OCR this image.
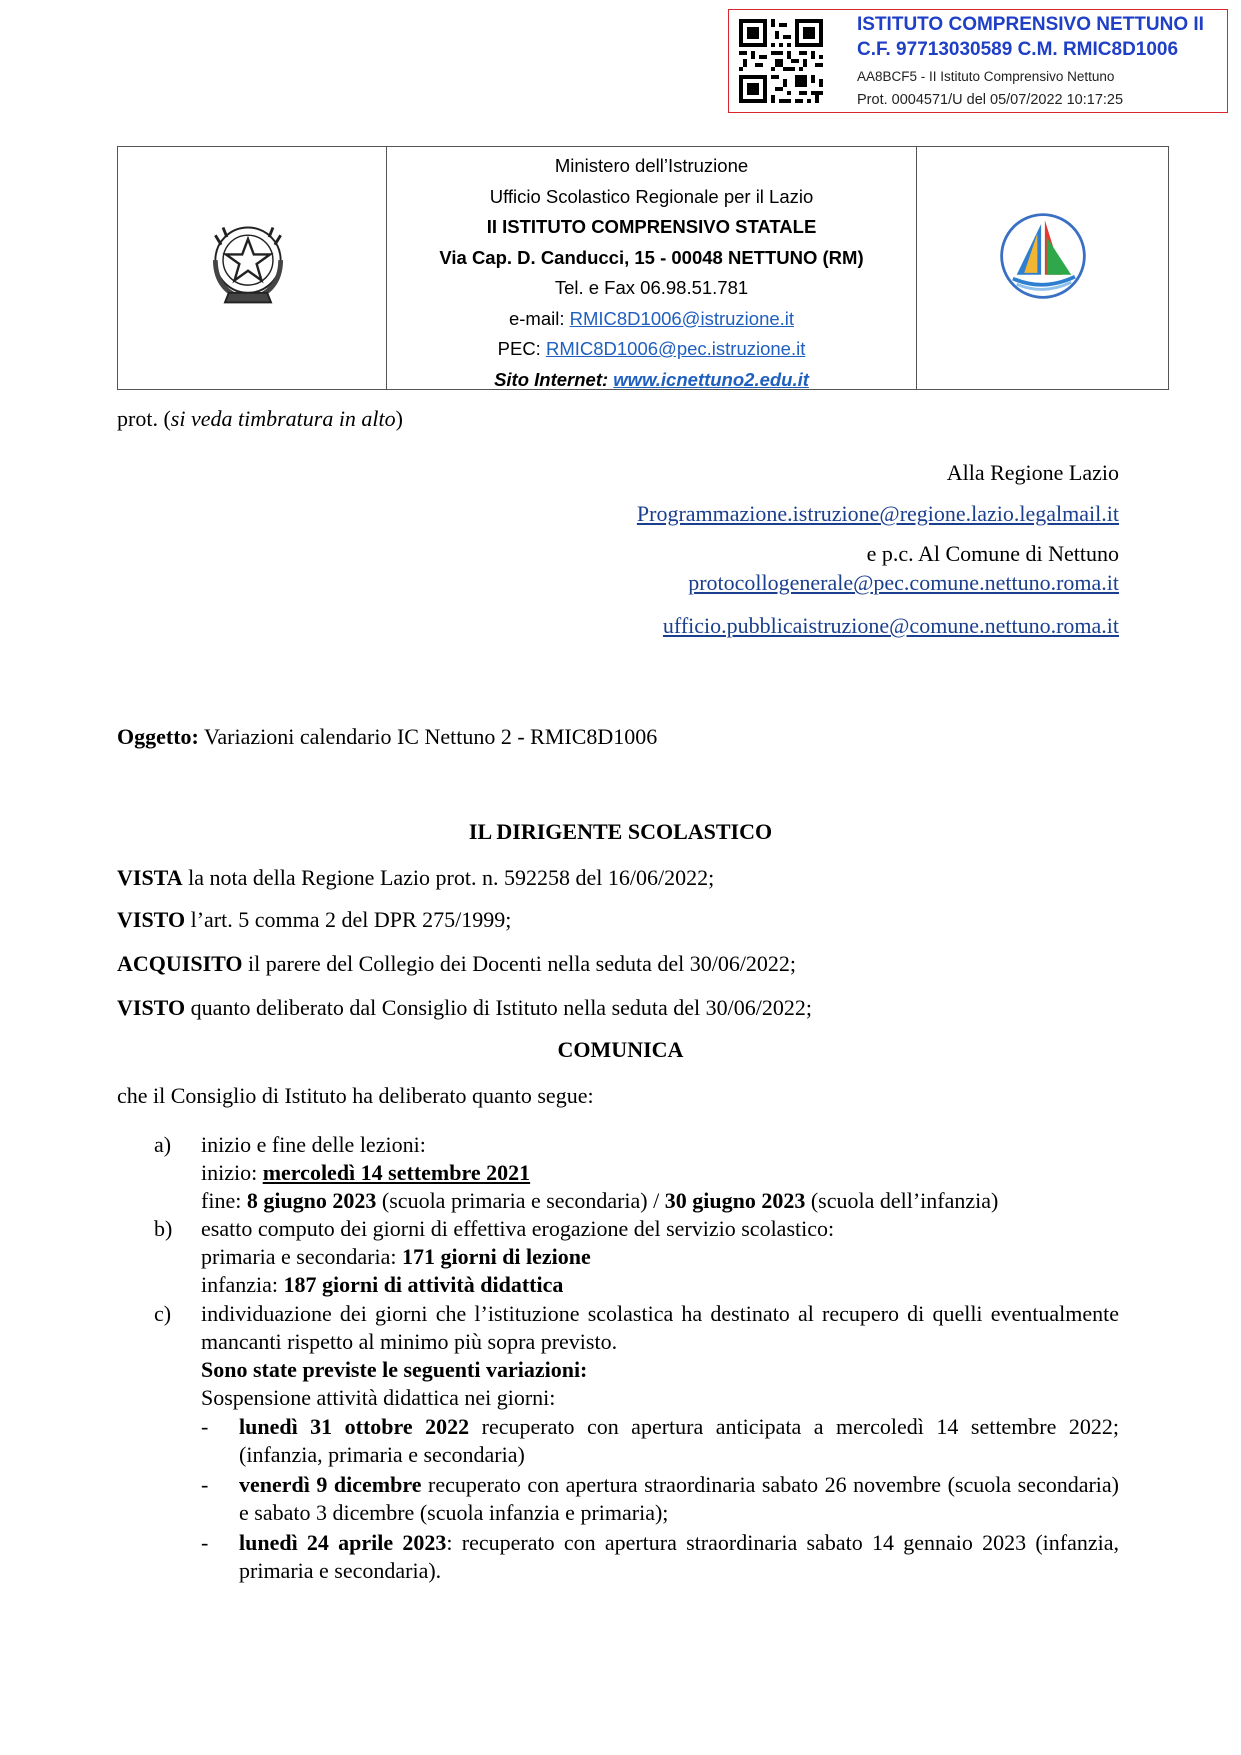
ISTITUTO COMPRENSIVO NETTUNO II
C.F. 97713030589 C.M. RMIC8D1006
AA8BCF5 - II Istituto Comprensivo Nettuno
Prot. 0004571/U del 05/07/2022 10:17:25
Ministero dell’Istruzione
Ufficio Scolastico Regionale per il Lazio
II ISTITUTO COMPRENSIVO STATALE
Via Cap. D. Canducci, 15 - 00048 NETTUNO (RM)
Tel. e Fax 06.98.51.781
e-mail: RMIC8D1006@istruzione.it
PEC: RMIC8D1006@pec.istruzione.it
Sito Internet: www.icnettuno2.edu.it
prot. (si veda timbratura in alto)
Alla Regione Lazio
Programmazione.istruzione@regione.lazio.legalmail.it
e p.c. Al Comune di Nettuno
protocollogenerale@pec.comune.nettuno.roma.it
ufficio.pubblicaistruzione@comune.nettuno.roma.it
Oggetto: Variazioni calendario IC Nettuno 2 - RMIC8D1006
IL DIRIGENTE SCOLASTICO
VISTA la nota della Regione Lazio prot. n. 592258 del 16/06/2022;
VISTO l’art. 5 comma 2 del DPR 275/1999;
ACQUISITO il parere del Collegio dei Docenti nella seduta del 30/06/2022;
VISTO quanto deliberato dal Consiglio di Istituto nella seduta del 30/06/2022;
COMUNICA
che il Consiglio di Istituto ha deliberato quanto segue:
a) inizio e fine delle lezioni:
inizio: mercoledì 14 settembre 2021
fine: 8 giugno 2023 (scuola primaria e secondaria) / 30 giugno 2023 (scuola dell’infanzia)
b) esatto computo dei giorni di effettiva erogazione del servizio scolastico:
primaria e secondaria: 171 giorni di lezione
infanzia: 187 giorni di attività didattica
c) individuazione dei giorni che l’istituzione scolastica ha destinato al recupero di quelli eventualmente mancanti rispetto al minimo più sopra previsto.
Sono state previste le seguenti variazioni:
Sospensione attività didattica nei giorni:
- lunedì 31 ottobre 2022 recuperato con apertura anticipata a mercoledì 14 settembre 2022; (infanzia, primaria e secondaria)
- venerdì 9 dicembre recuperato con apertura straordinaria sabato 26 novembre (scuola secondaria) e sabato 3 dicembre (scuola infanzia e primaria);
- lunedì 24 aprile 2023: recuperato con apertura straordinaria sabato 14 gennaio 2023 (infanzia, primaria e secondaria).
